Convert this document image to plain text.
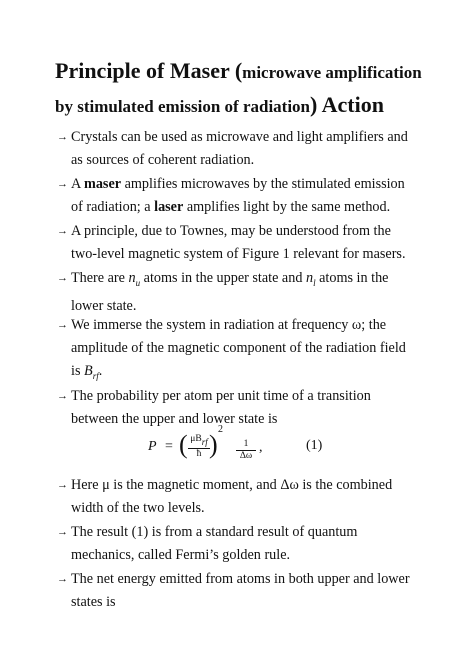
Principle of Maser (microwave amplification by stimulated emission of radiation) Action
→ Crystals can be used as microwave and light amplifiers and as sources of coherent radiation.
→ A maser amplifies microwaves by the stimulated emission of radiation; a laser amplifies light by the same method.
→ A principle, due to Townes, may be understood from the two-level magnetic system of Figure 1 relevant for masers.
→ There are $n_u$ atoms in the upper state and $n_l$ atoms in the lower state.
→ We immerse the system in radiation at frequency ω; the amplitude of the magnetic component of the radiation field is $B_{rf}$.
→ The probability per atom per unit time of a transition between the upper and lower state is
P = ( $\mu B_{rf}$
ħ )
2
$\frac{1}{\Delta\omega}$ ,	(1)
→ Here μ is the magnetic moment, and Δω is the combined width of the two levels.
→ The result (1) is from a standard result of quantum mechanics, called Fermi’s golden rule.
→ The net energy emitted from atoms in both upper and lower states is
